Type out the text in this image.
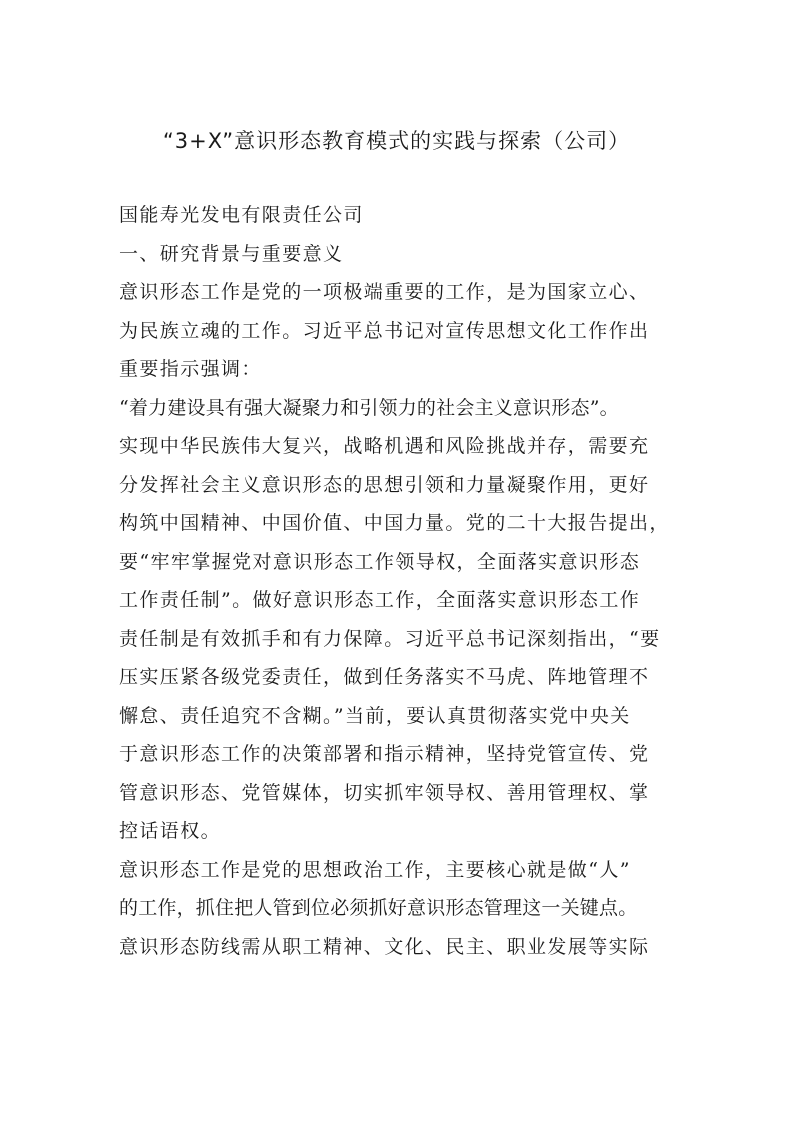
“3+X”意识形态教育模式的实践与探索（公司）
国能寿光发电有限责任公司
一、研究背景与重要意义
意识形态工作是党的一项极端重要的工作，是为国家立心、
为民族立魂的工作。习近平总书记对宣传思想文化工作作出
重要指示强调：
“着力建设具有强大凝聚力和引领力的社会主义意识形态”。
实现中华民族伟大复兴，战略机遇和风险挑战并存，需要充
分发挥社会主义意识形态的思想引领和力量凝聚作用，更好
构筑中国精神、中国价值、中国力量。党的二十大报告提出，
要“牢牢掌握党对意识形态工作领导权，全面落实意识形态
工作责任制”。做好意识形态工作，全面落实意识形态工作
责任制是有效抓手和有力保障。习近平总书记深刻指出，“要
压实压紧各级党委责任，做到任务落实不马虎、阵地管理不
懈怠、责任追究不含糊。”当前，要认真贯彻落实党中央关
于意识形态工作的决策部署和指示精神，坚持党管宣传、党
管意识形态、党管媒体，切实抓牢领导权、善用管理权、掌
控话语权。
意识形态工作是党的思想政治工作，主要核心就是做“人”
的工作，抓住把人管到位必须抓好意识形态管理这一关键点。
意识形态防线需从职工精神、文化、民主、职业发展等实际
